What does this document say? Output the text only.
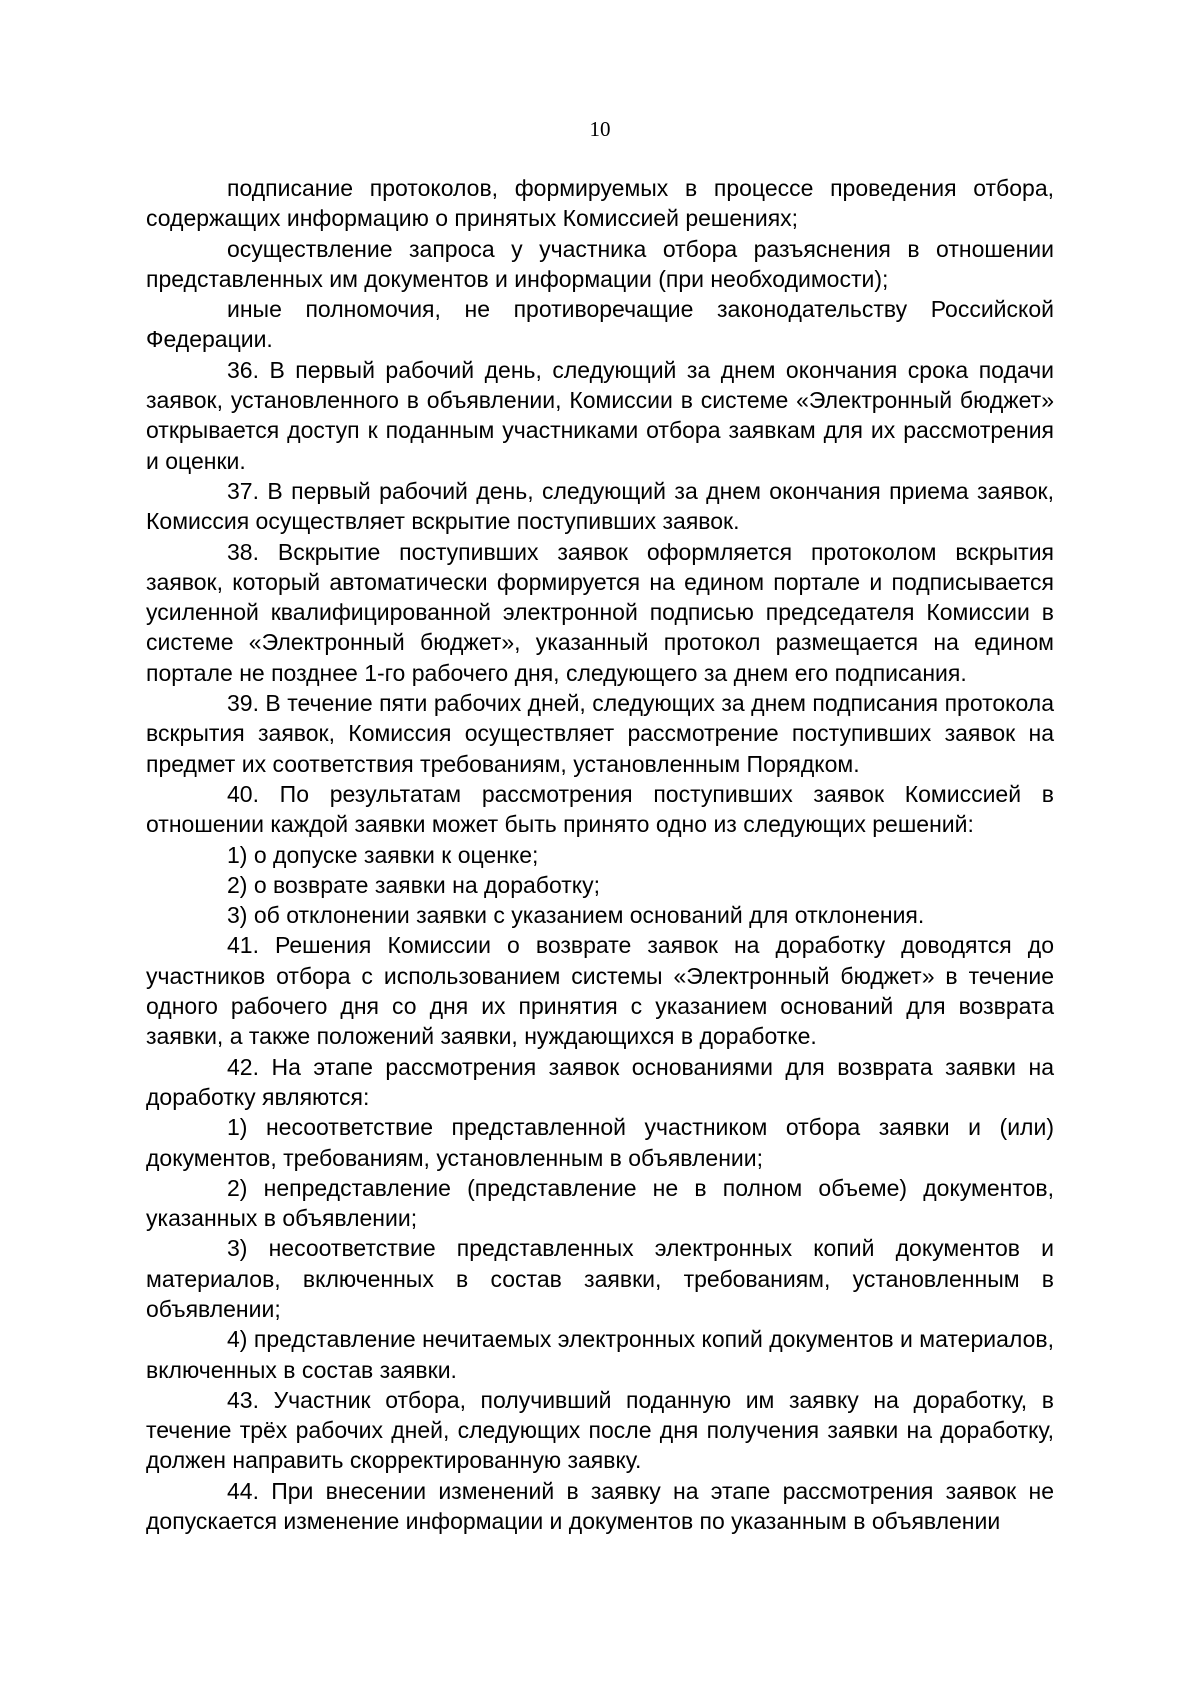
10

подписание протоколов, формируемых в процессе проведения отбора, содержащих информацию о принятых Комиссией решениях;

осуществление запроса у участника отбора разъяснения в отношении представленных им документов и информации (при необходимости);

иные полномочия, не противоречащие законодательству Российской Федерации.

36. В первый рабочий день, следующий за днем окончания срока подачи заявок, установленного в объявлении, Комиссии в системе «Электронный бюджет» открывается доступ к поданным участниками отбора заявкам для их рассмотрения и оценки.

37. В первый рабочий день, следующий за днем окончания приема заявок, Комиссия осуществляет вскрытие поступивших заявок.

38. Вскрытие поступивших заявок оформляется протоколом вскрытия заявок, который автоматически формируется на едином портале и подписывается усиленной квалифицированной электронной подписью председателя Комиссии в системе «Электронный бюджет», указанный протокол размещается на едином портале не позднее 1-го рабочего дня, следующего за днем его подписания.

39. В течение пяти рабочих дней, следующих за днем подписания протокола вскрытия заявок, Комиссия осуществляет рассмотрение поступивших заявок на предмет их соответствия требованиям, установленным Порядком.

40. По результатам рассмотрения поступивших заявок Комиссией в отношении каждой заявки может быть принято одно из следующих решений:

1) о допуске заявки к оценке;

2) о возврате заявки на доработку;

3) об отклонении заявки с указанием оснований для отклонения.

41. Решения Комиссии о возврате заявок на доработку доводятся до участников отбора с использованием системы «Электронный бюджет» в течение одного рабочего дня со дня их принятия с указанием оснований для возврата заявки, а также положений заявки, нуждающихся в доработке.

42. На этапе рассмотрения заявок основаниями для возврата заявки на доработку являются:

1) несоответствие представленной участником отбора заявки и (или) документов, требованиям, установленным в объявлении;

2) непредставление (представление не в полном объеме) документов, указанных в объявлении;

3) несоответствие представленных электронных копий документов и материалов, включенных в состав заявки, требованиям, установленным в объявлении;

4) представление нечитаемых электронных копий документов и материалов, включенных в состав заявки.

43. Участник отбора, получивший поданную им заявку на доработку, в течение трёх рабочих дней, следующих после дня получения заявки на доработку, должен направить скорректированную заявку.

44. При внесении изменений в заявку на этапе рассмотрения заявок не допускается изменение информации и документов по указанным в объявлении
